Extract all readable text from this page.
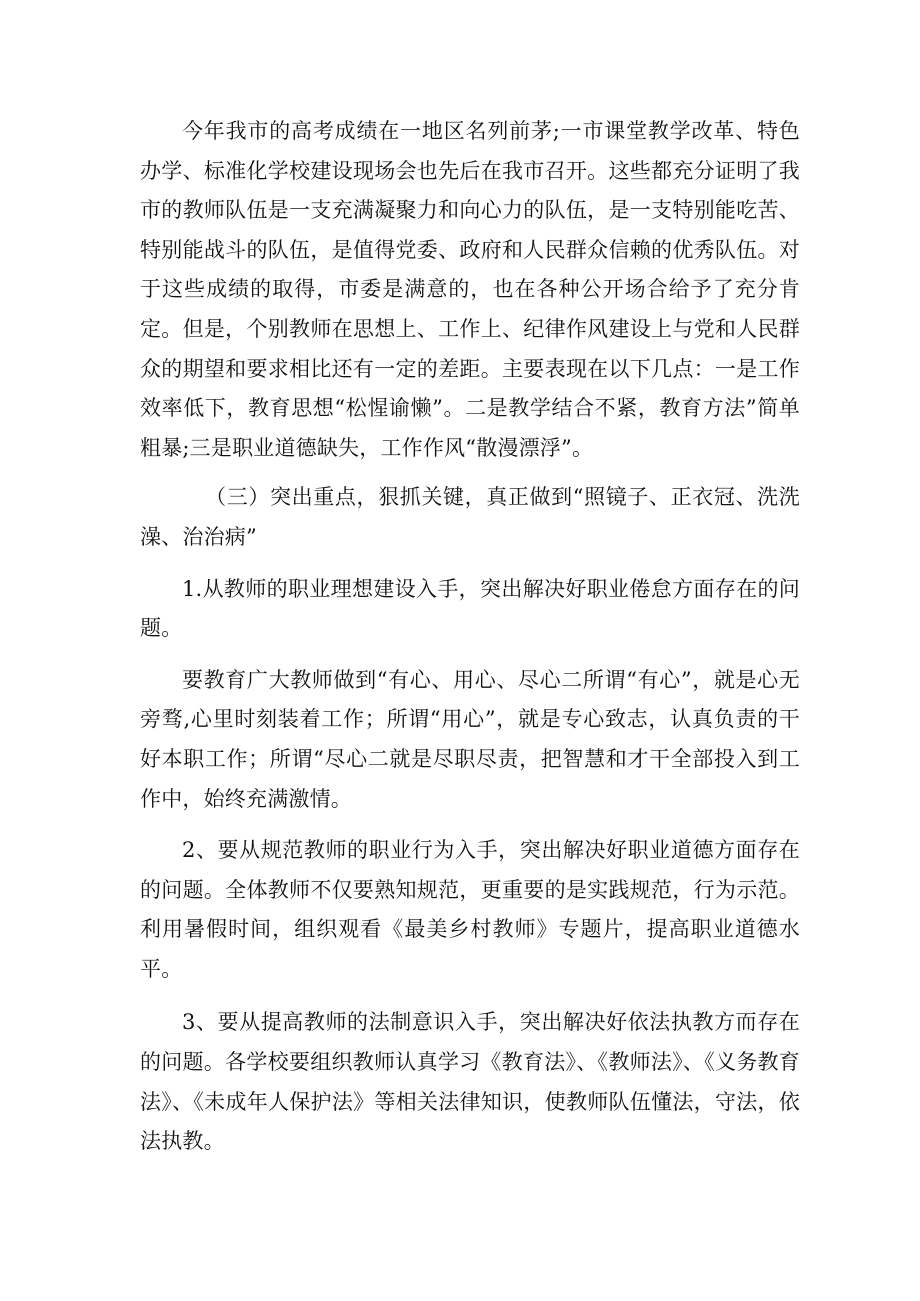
今年我市的高考成绩在一地区名列前茅;一市课堂教学改革、特色办学、标准化学校建设现场会也先后在我市召开。这些都充分证明了我市的教师队伍是一支充满凝聚力和向心力的队伍，是一支特别能吃苦、特别能战斗的队伍，是值得党委、政府和人民群众信赖的优秀队伍。对于这些成绩的取得，市委是满意的，也在各种公开场合给予了充分肯定。但是，个别教师在思想上、工作上、纪律作风建设上与党和人民群众的期望和要求相比还有一定的差距。主要表现在以下几点：一是工作效率低下，教育思想“松惺谕懒”。二是教学结合不紧，教育方法”简单粗暴;三是职业道德缺失，工作作风“散漫漂浮”。

（三）突出重点，狠抓关键，真正做到“照镜子、正衣冠、洗洗澡、治治病”

1.从教师的职业理想建设入手，突出解决好职业倦怠方面存在的问题。

要教育广大教师做到“有心、用心、尽心二所谓“有心”，就是心无旁骛,心里时刻装着工作；所谓“用心”，就是专心致志，认真负责的干好本职工作；所谓“尽心二就是尽职尽责，把智慧和才干全部投入到工作中，始终充满激情。

2、要从规范教师的职业行为入手，突出解决好职业道德方面存在的问题。全体教师不仅要熟知规范，更重要的是实践规范，行为示范。利用暑假时间，组织观看《最美乡村教师》专题片，提高职业道德水平。

3、要从提高教师的法制意识入手，突出解决好依法执教方而存在的问题。各学校要组织教师认真学习《教育法》、《教师法》、《义务教育法》、《未成年人保护法》等相关法律知识，使教师队伍懂法，守法，依法执教。
